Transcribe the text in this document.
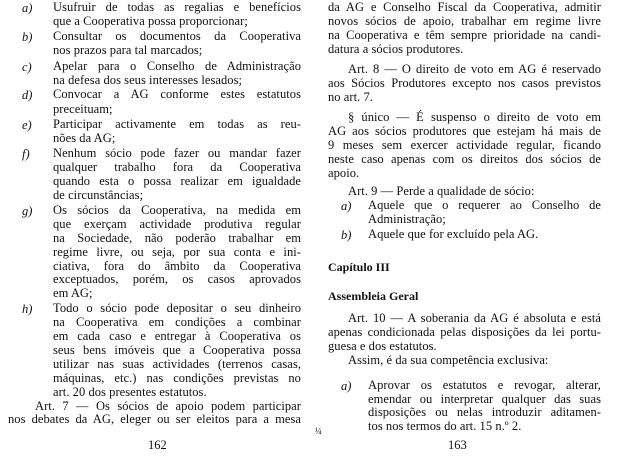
a) Usufruir de todas as regalias e benefícios
que a Cooperativa possa proporcionar;
b) Consultar os documentos da Cooperativa
nos prazos para tal marcados;
c) Apelar para o Conselho de Administração
na defesa dos seus interesses lesados;
d) Convocar a AG conforme estes estatutos
preceituam;
e) Participar activamente em todas as reu-
nões da AG;
f) Nenhum sócio pode fazer ou mandar fazer
qualquer trabalho fora da Cooperativa
quando esta o possa realizar em igualdade
de circunstâncias;
g) Os sócios da Cooperativa, na medida em
que exerçam actividade produtiva regular
na Sociedade, não poderão trabalhar em
regime livre, ou seja, por sua conta e ini-
ciativa, fora do âmbito da Cooperativa
exceptuados, porém, os casos aprovados
em AG;
h) Todo o sócio pode depositar o seu dinheiro
na Cooperativa em condições a combinar
em cada caso e entregar à Cooperativa os
seus bens imóveis que a Cooperativa possa
utilizar nas suas actividades (terrenos casas,
máquinas, etc.) nas condições previstas no
art. 20 dos presentes estatutos.
Art. 7 — Os sócios de apoio podem participar
nos debates da AG, eleger ou ser eleitos para a mesa
162
da AG e Conselho Fiscal da Cooperativa, admitir
novos sócios de apoio, trabalhar em regime livre
na Cooperativa e têm sempre prioridade na candi-
datura a sócios produtores.
Art. 8 — O direito de voto em AG é reservado
aos Sócios Produtores excepto nos casos previstos
no art. 7.
§ único — É suspenso o direito de voto em
AG aos sócios produtores que estejam há mais de
9 meses sem exercer actividade regular, ficando
neste caso apenas com os direitos dos sócios de
apoio.
Art. 9 — Perde a qualidade de sócio:
a) Aquele que o requerer ao Conselho de
Administração;
b) Aquele que for excluído pela AG.
Capítulo III
Assembleia Geral
Art. 10 — A soberania da AG é absoluta e está
apenas condicionada pelas disposições da lei portu-
guesa e dos estatutos.
Assim, é da sua competência exclusiva:
a) Aprovar os estatutos e revogar, alterar,
emendar ou interpretar qualquer das suas
disposições ou nelas introduzir aditamen-
tos nos termos do art. 15 n.º 2.
¼
163
